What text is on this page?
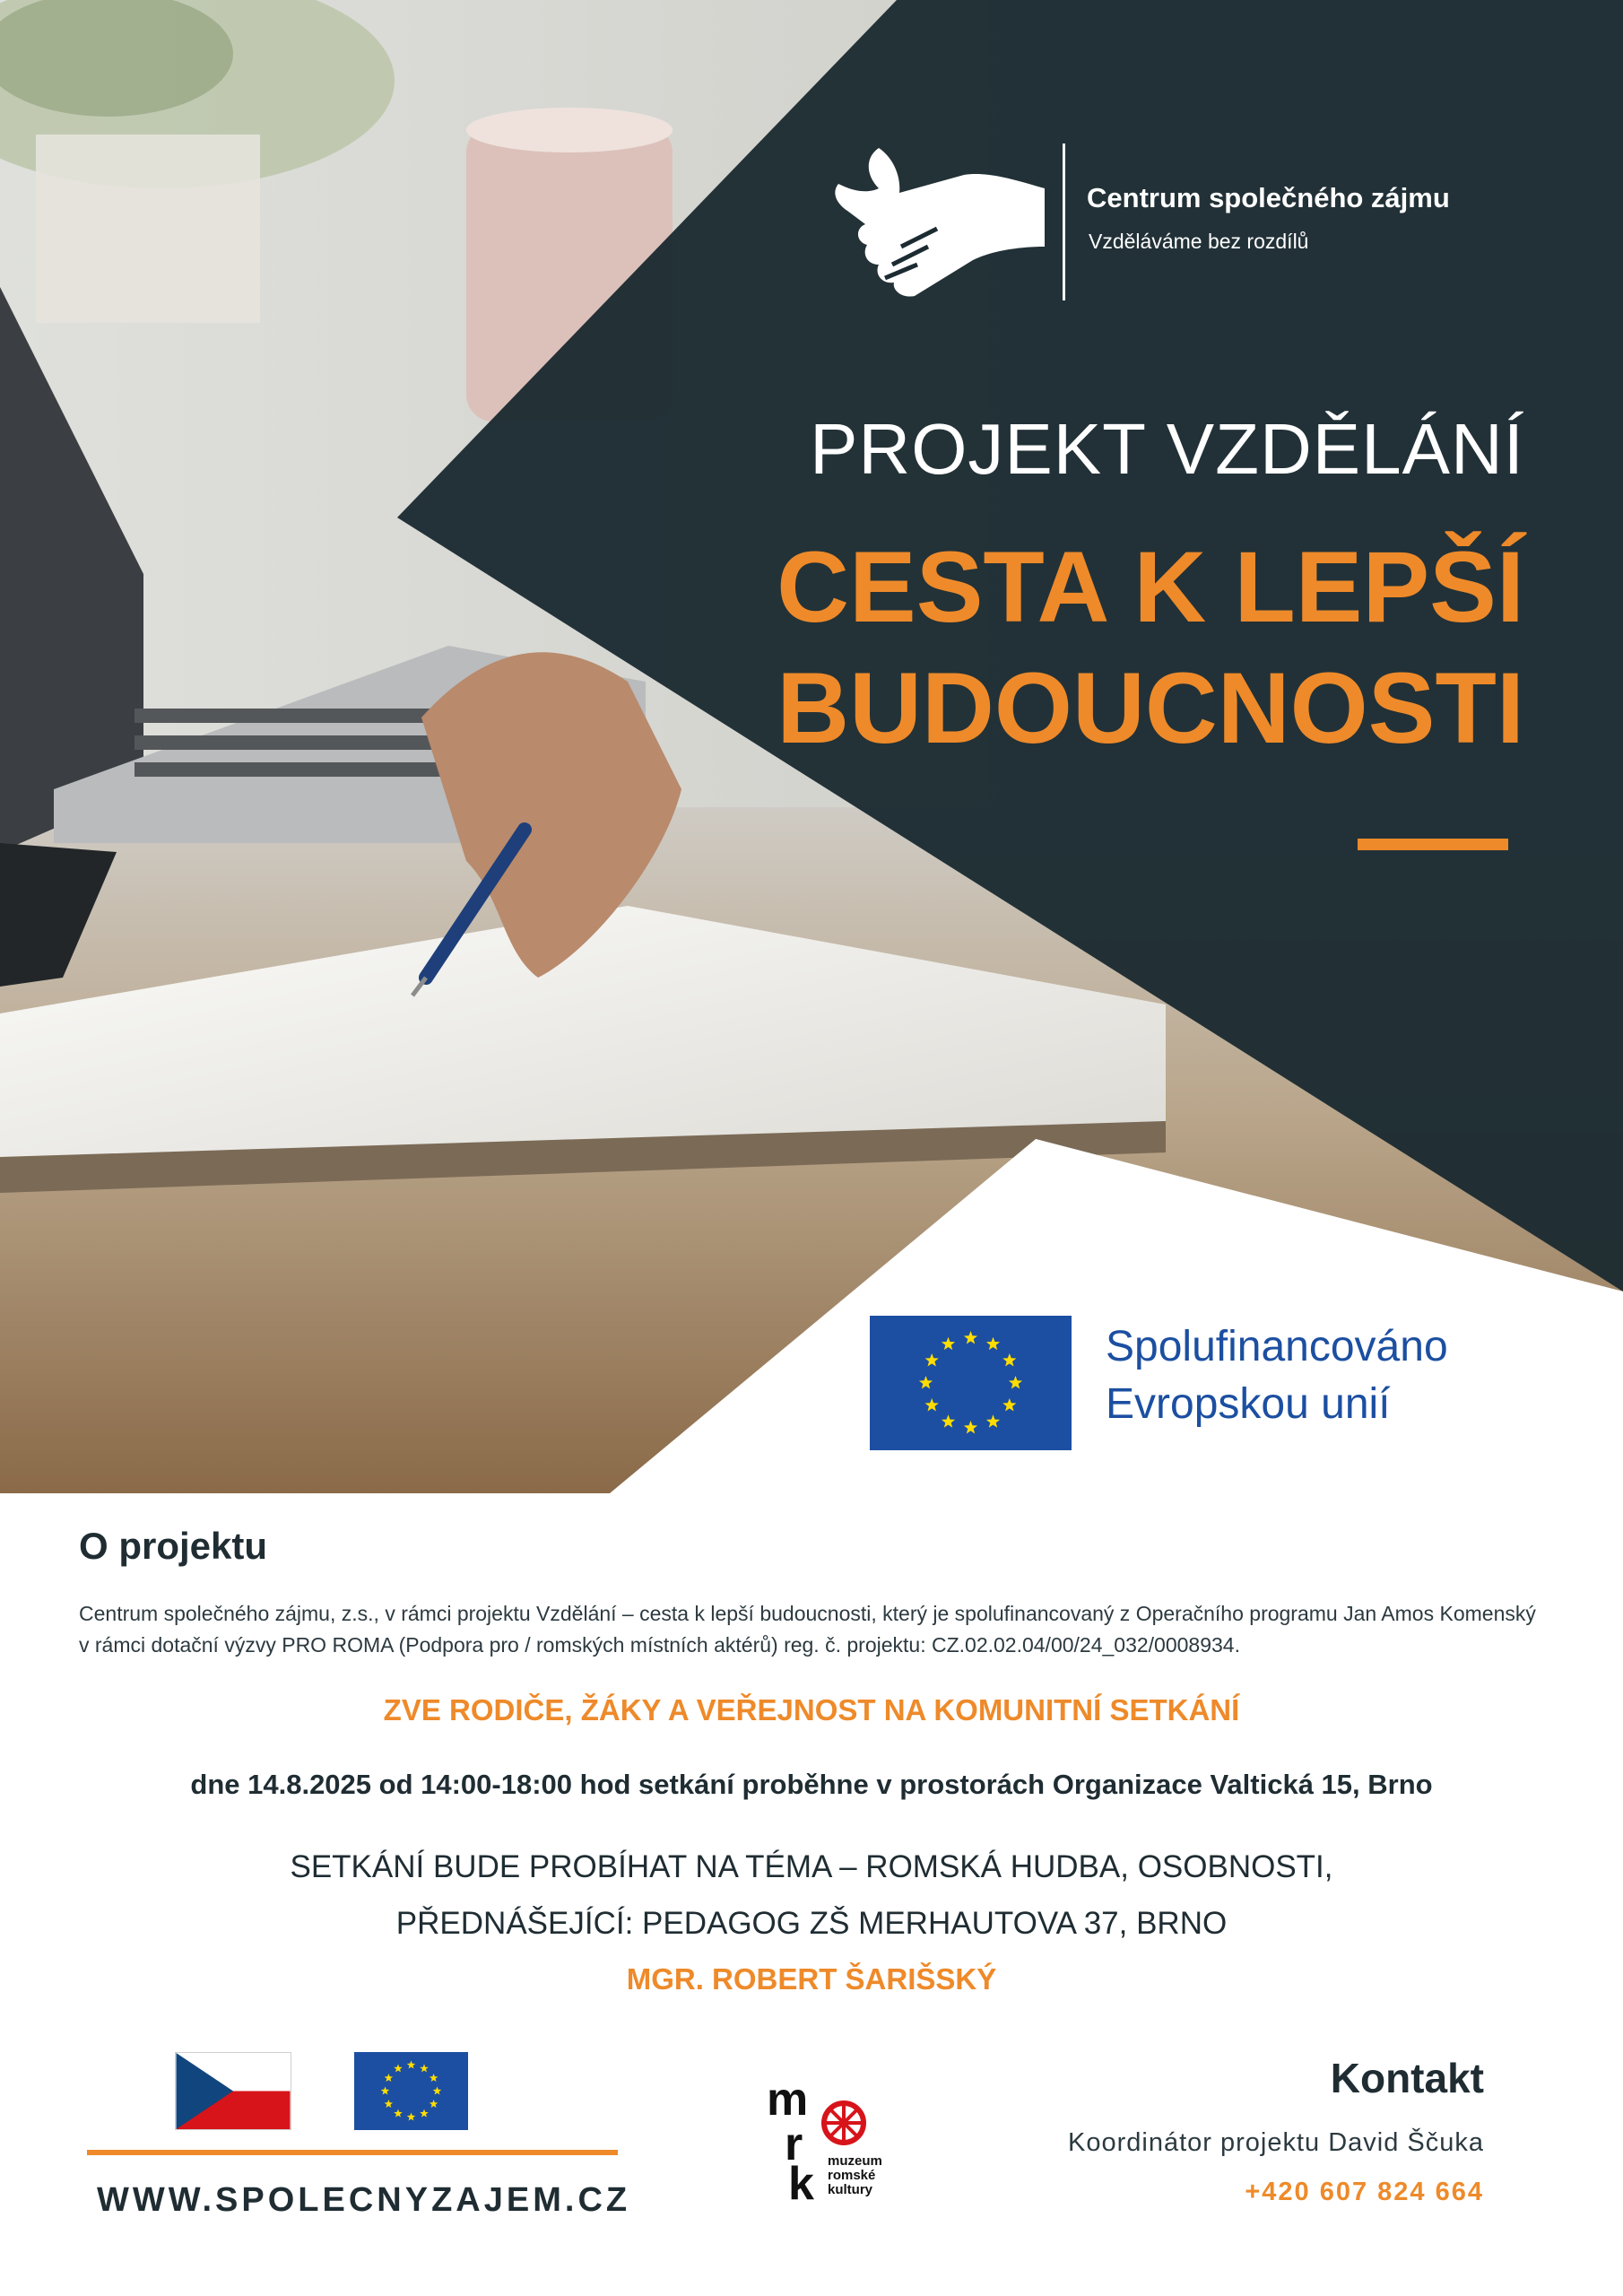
Centrum společného zájmu
Vzděláváme bez rozdílů
PROJEKT VZDĚLÁNÍ
CESTA K LEPŠÍ
BUDOUCNOSTI
Spolufinancováno
Evropskou unií
O projektu
Centrum společného zájmu, z.s., v rámci projektu Vzdělání – cesta k lepší budoucnosti, který je spolufinancovaný z Operačního programu Jan Amos Komenský v rámci dotační výzvy PRO ROMA (Podpora pro / romských místních aktérů) reg. č. projektu: CZ.02.02.04/00/24_032/0008934.
ZVE RODIČE, ŽÁKY A VEŘEJNOST NA KOMUNITNÍ SETKÁNÍ
dne 14.8.2025 od 14:00-18:00 hod setkání proběhne v prostorách Organizace Valtická 15, Brno
SETKÁNÍ BUDE PROBÍHAT NA TÉMA – ROMSKÁ HUDBA, OSOBNOSTI,
PŘEDNÁŠEJÍCÍ: PEDAGOG ZŠ MERHAUTOVA 37, BRNO
MGR. ROBERT ŠARIŠSKÝ
WWW.SPOLECNYZAJEM.CZ
m
r
k muzeum
romské
kultury
Kontakt
Koordinátor projektu David Ščuka
+420 607 824 664
